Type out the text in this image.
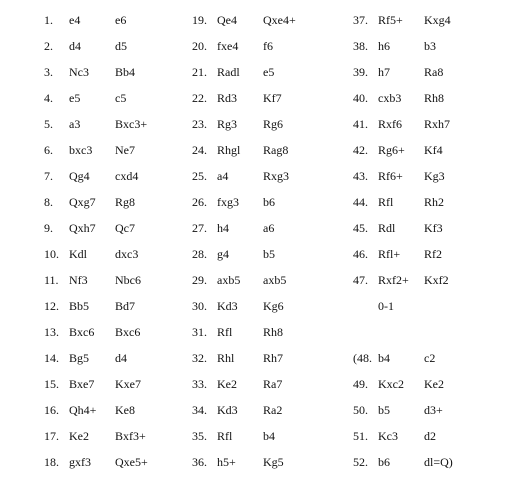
1. e4	e6
2. d4	d5
3. Nc3 Bb4
4. e5	c5
5. a3	Bxc3+
6. bxc3 Ne7
7. Qg4 cxd4
8. Qxg7 Rg8
9. Qxh7 Qc7
10. Kdl dxc3
11. Nf3 Nbc6
12. Bb5 Bd7
13. Bxc6 Bxc6
14. Bg5 d4
15. Bxe7 Kxe7
16. Qh4+ Ke8
17. Ke2 Bxf3+
18. gxf3 Qxe5+
19. Qe4 Qxe4+
20. fxe4 f6
21. Radl e5
22. Rd3 Kf7
23. Rg3 Rg6
24. Rhgl Rag8
25. a4	Rxg3
26. fxg3 b6
27. h4	a6
28. g4	b5
29. axb5 axb5
30. Kd3 Kg6
31. Rfl	Rh8
32. Rhl Rh7
33. Ke2 Ra7
34. Kd3 Ra2
35. Rfl	b4
36. h5+ Kg5
37. Rf5+ Kxg4
38. h6	b3
39. h7	Ra8
40. cxb3 Rh8
41. Rxf6 Rxh7
42. Rg6+ Kf4
43. Rf6+ Kg3
44. Rfl	Rh2
45. Rdl Kf3
46. Rfl+ Rf2
47. Rxf2+ Kxf2
0-1
(48. b4	c2
49. Kxc2 Ke2
50. b5	d3+
51. Kc3 d2
52. b6	dl=Q)
